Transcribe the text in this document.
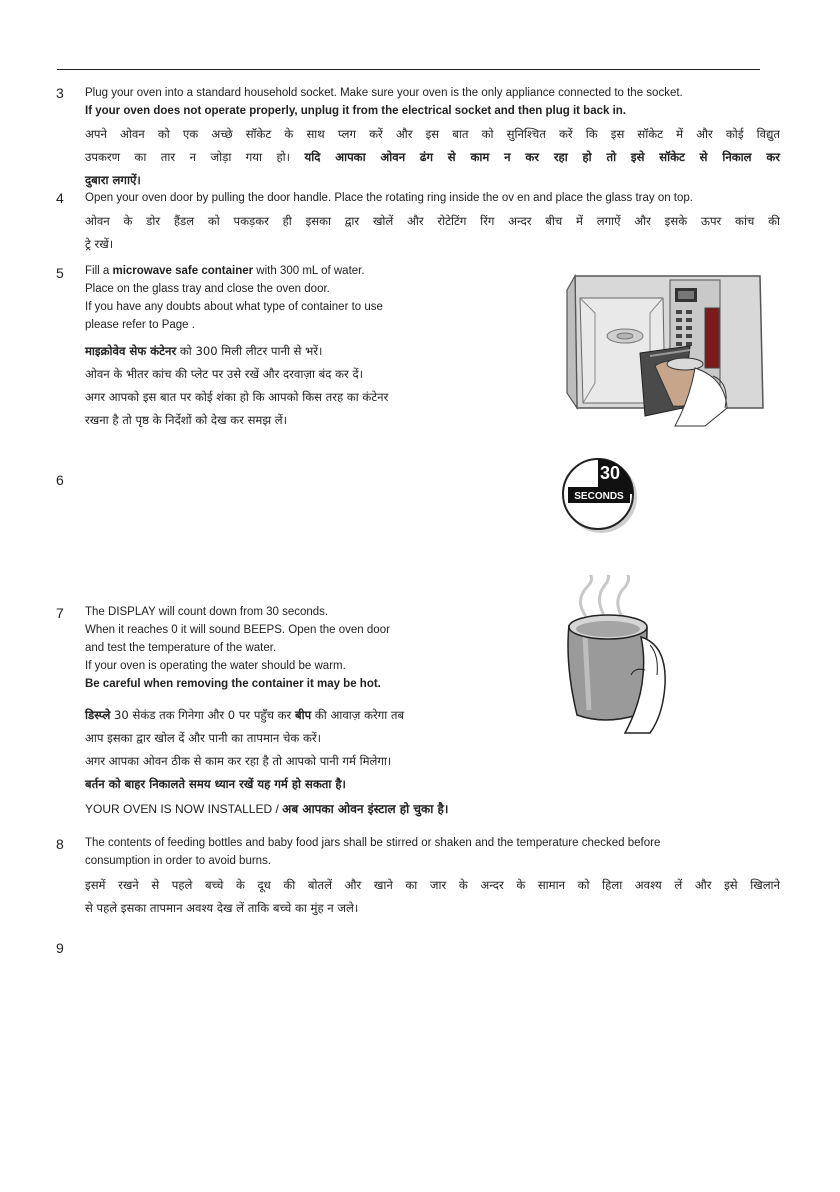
3 Plug your oven into a standard household socket. Make sure your oven is the only appliance connected to the socket.

If your oven does not operate properly, unplug it from the electrical socket and then plug it back in.

अपने ओवन को एक अच्छे सॉकेट के साथ प्लग करें और इस बात को सुनिश्चित करें कि इस सॉकेट में और कोई विद्युत

उपकरण का तार न जोड़ा गया हो। यदि आपका ओवन ढंग से काम न कर रहा हो तो इसे सॉकेट से निकाल कर

दुबारा लगाऐं।

4 Open your oven door by pulling the door handle. Place the rotating ring inside the ov en and place the glass tray on top.

ओवन के डोर हैंडल को पकड़कर ही इसका द्वार खोलें और रोटेटिंग रिंग अन्दर बीच में लगाऐं और इसके ऊपर कांच की

ट्रे रखें।

5 Fill a microwave safe container with 300 mL of water.

Place on the glass tray and close the oven door.

If you have any doubts about what type of container to use

please refer to Page .

माइक्रोवेव सेफ कंटेनर को 300 मिली लीटर पानी से भरें।

ओवन के भीतर कांच की प्लेट पर उसे रखें और दरवाज़ा बंद कर दें।

अगर आपको इस बात पर कोई शंका हो कि आपको किस तरह का कंटेनर

रखना है तो पृष्ठ के निर्देशों को देख कर समझ लें।

6	30
SECONDS
7 The DISPLAY will count down from 30 seconds.

When it reaches 0 it will sound BEEPS. Open the oven door

and test the temperature of the water.

If your oven is operating the water should be warm.

Be careful when removing the container it may be hot.

डिस्प्ले 30 सेकंड तक गिनेगा और 0 पर पहुँच कर बीप की आवाज़ करेगा तब

आप इसका द्वार खोल दें और पानी का तापमान चेक करें।

अगर आपका ओवन ठीक से काम कर रहा है तो आपको पानी गर्म मिलेगा।

बर्तन को बाहर निकालते समय ध्यान रखें यह गर्म हो सकता है।

YOUR OVEN IS NOW INSTALLED / अब आपका ओवन इंस्टाल हो चुका है।

8 The contents of feeding bottles and baby food jars shall be stirred or shaken and the temperature checked before

consumption in order to avoid burns.

इसमें रखने से पहले बच्चे के दूध की बोतलें और खाने का जार के अन्दर के सामान को हिला अवश्य लें और इसे खिलाने

से पहले इसका तापमान अवश्य देख लें ताकि बच्चे का मुंह न जले।

9
